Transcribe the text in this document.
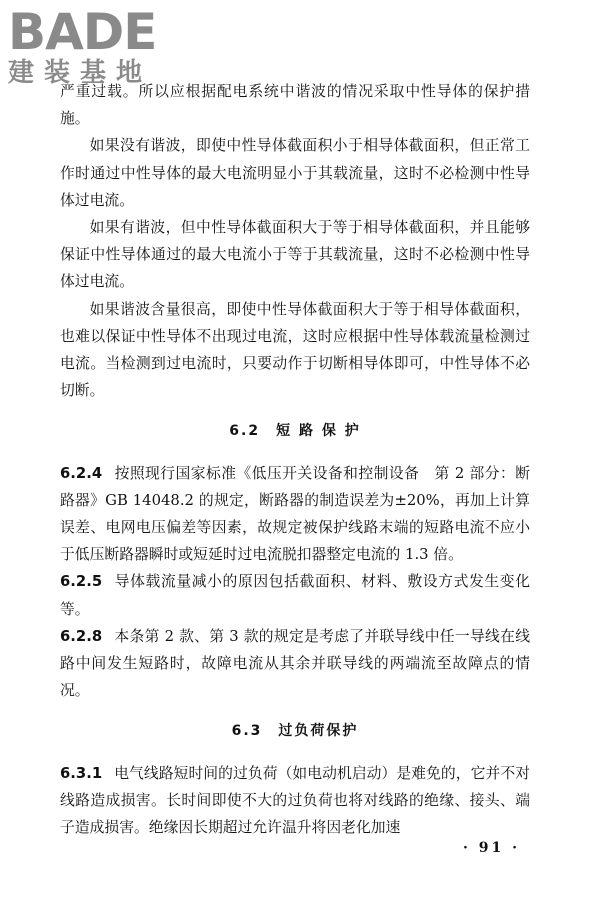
BADE
建装基地

严重过载。所以应根据配电系统中谐波的情况采取中性导体的保护措施。

如果没有谐波，即使中性导体截面积小于相导体截面积，但正常工作时通过中性导体的最大电流明显小于其载流量，这时不必检测中性导体过电流。

如果有谐波，但中性导体截面积大于等于相导体截面积，并且能够保证中性导体通过的最大电流小于等于其载流量，这时不必检测中性导体过电流。

如果谐波含量很高，即使中性导体截面积大于等于相导体截面积，也难以保证中性导体不出现过电流，这时应根据中性导体载流量检测过电流。当检测到过电流时，只要动作于切断相导体即可，中性导体不必切断。

6.2　短 路 保 护

6.2.4 按照现行国家标准《低压开关设备和控制设备　第 2 部分：断路器》GB 14048.2 的规定，断路器的制造误差为±20%，再加上计算误差、电网电压偏差等因素，故规定被保护线路末端的短路电流不应小于低压断路器瞬时或短延时过电流脱扣器整定电流的 1.3 倍。

6.2.5 导体载流量减小的原因包括截面积、材料、敷设方式发生变化等。

6.2.8 本条第 2 款、第 3 款的规定是考虑了并联导线中任一导线在线路中间发生短路时，故障电流从其余并联导线的两端流至故障点的情况。

6.3　过负荷保护

6.3.1 电气线路短时间的过负荷（如电动机启动）是难免的，它并不对线路造成损害。长时间即使不大的过负荷也将对线路的绝缘、接头、端子造成损害。绝缘因长期超过允许温升将因老化加速

· 91 ·
